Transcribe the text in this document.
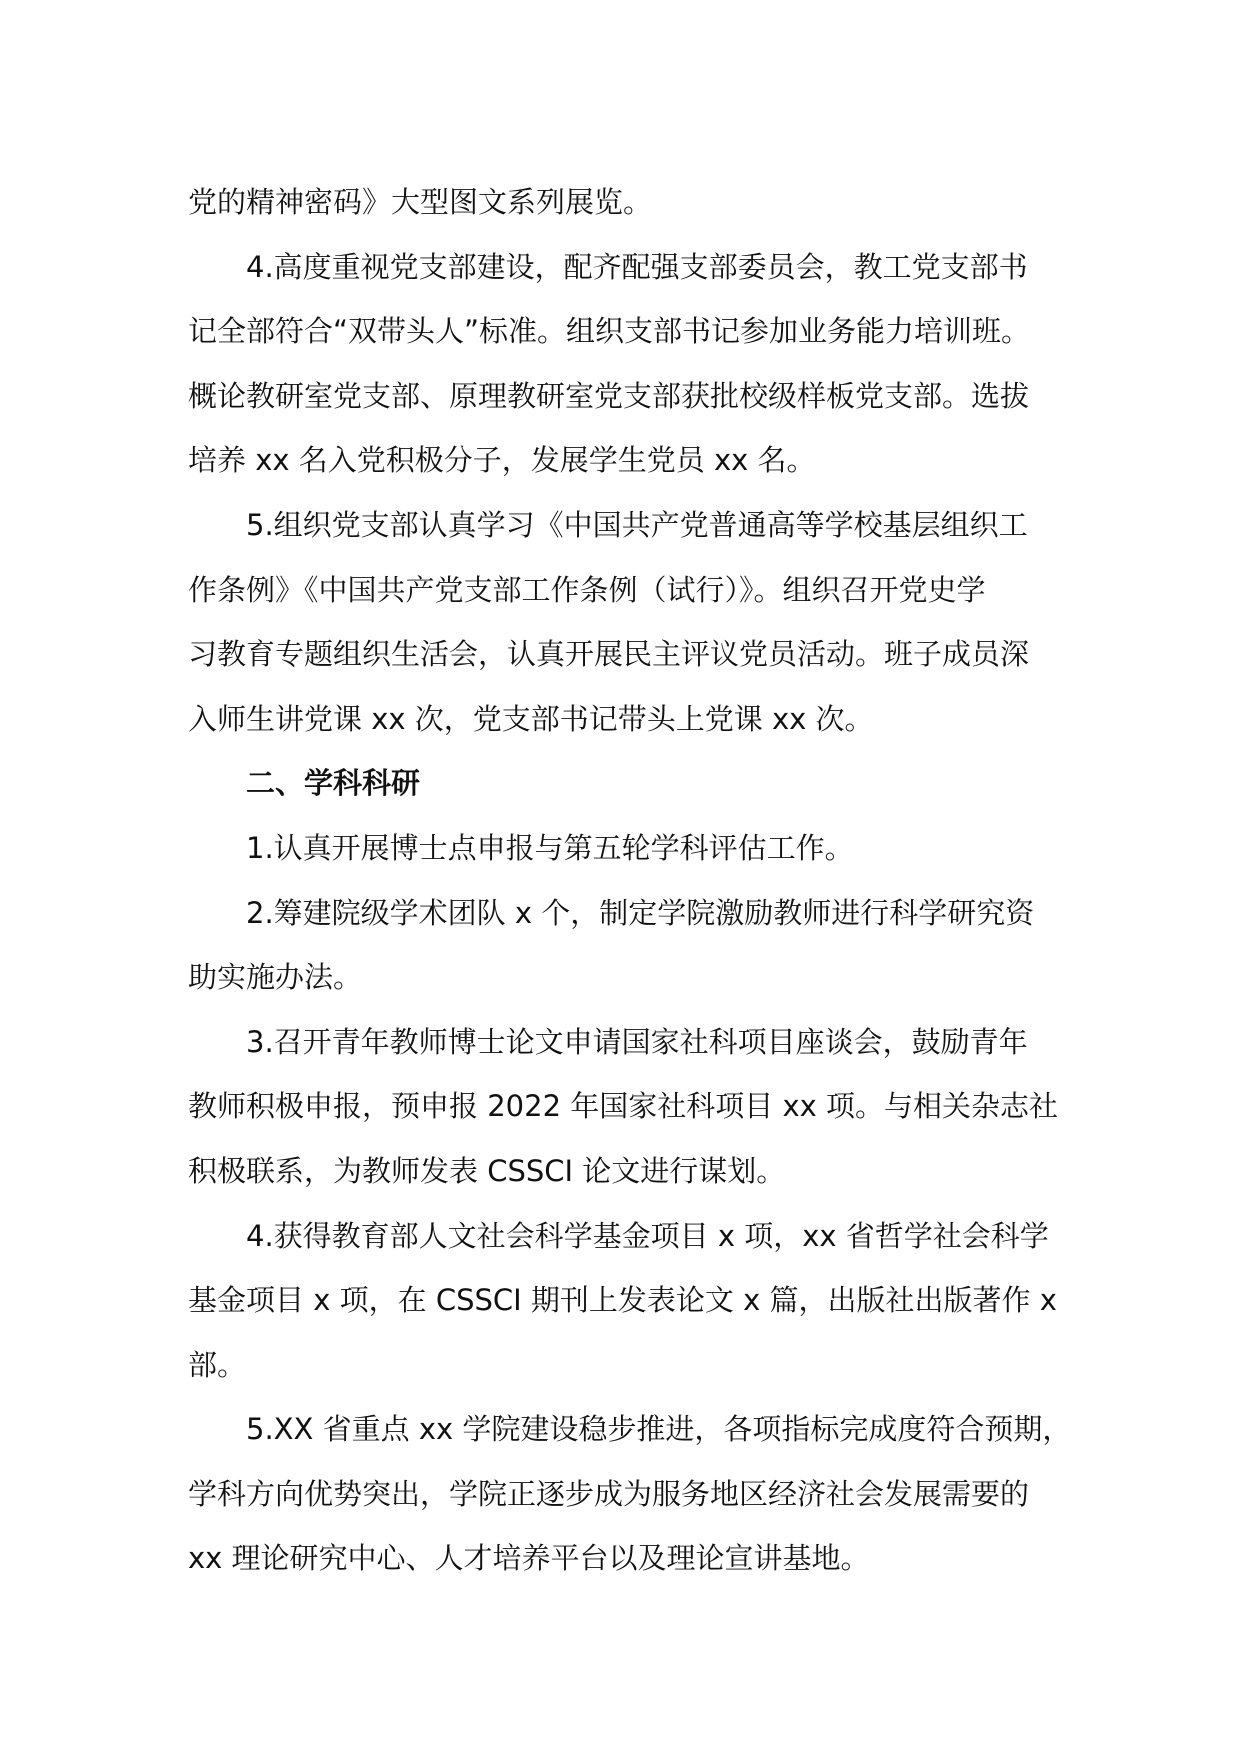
党的精神密码》大型图文系列展览。
4.高度重视党支部建设，配齐配强支部委员会，教工党支部书
记全部符合“双带头人”标准。组织支部书记参加业务能力培训班。
概论教研室党支部、原理教研室党支部获批校级样板党支部。选拔
培养 xx 名入党积极分子，发展学生党员 xx 名。
5.组织党支部认真学习《中国共产党普通高等学校基层组织工
作条例》《中国共产党支部工作条例（试行）》。组织召开党史学
习教育专题组织生活会，认真开展民主评议党员活动。班子成员深
入师生讲党课 xx 次，党支部书记带头上党课 xx 次。
二、学科科研
1.认真开展博士点申报与第五轮学科评估工作。
2.筹建院级学术团队 x 个，制定学院激励教师进行科学研究资
助实施办法。
3.召开青年教师博士论文申请国家社科项目座谈会，鼓励青年
教师积极申报，预申报 2022 年国家社科项目 xx 项。与相关杂志社
积极联系，为教师发表 CSSCI 论文进行谋划。
4.获得教育部人文社会科学基金项目 x 项，xx 省哲学社会科学
基金项目 x 项，在 CSSCI 期刊上发表论文 x 篇，出版社出版著作 x
部。
5.XX 省重点 xx 学院建设稳步推进，各项指标完成度符合预期，
学科方向优势突出，学院正逐步成为服务地区经济社会发展需要的
xx 理论研究中心、人才培养平台以及理论宣讲基地。
